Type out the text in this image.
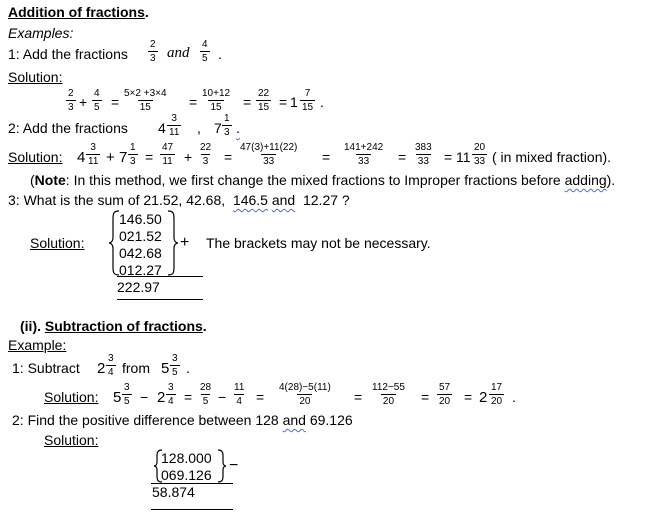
Addition of fractions.
Examples:
1: Add the fractions
2
3 and
4
5 .
Solution:
2
3 +
4
5 =
5×2 +3×4
15	=
10+12
15 =
22
15 = 1
7
15 .
2: Add the fractions 4
3
11 , 7
1
3 .
Solution: 4
3
11 + 7
1
3 =
47
11 +
22
3 =
47(3)+11(22)
33	=
141+242
33 =
383
33 = 11
20
33 ( in mixed fraction).
(Note: In this method, we first change the mixed fractions to Improper fractions before adding).
3: What is the sum of 21.52, 42.68, 146.5 and 12.27 ?
Solution:
146.50
021.52
042.68
012.27
+ The brackets may not be necessary.
222.97
(ii). Subtraction of fractions.
Example:
1: Subtract 2
3
4 from 5
3
5 .
Solution: 5
3
5 − 2
3
4 =
28
5 −
11
4 =
4(28)−5(11)
20	=
112−55
20 =
57
20 = 2
17
20 .
2: Find the positive difference between 128 and 69.126
Solution:
128.000
069.126
−
58.874
